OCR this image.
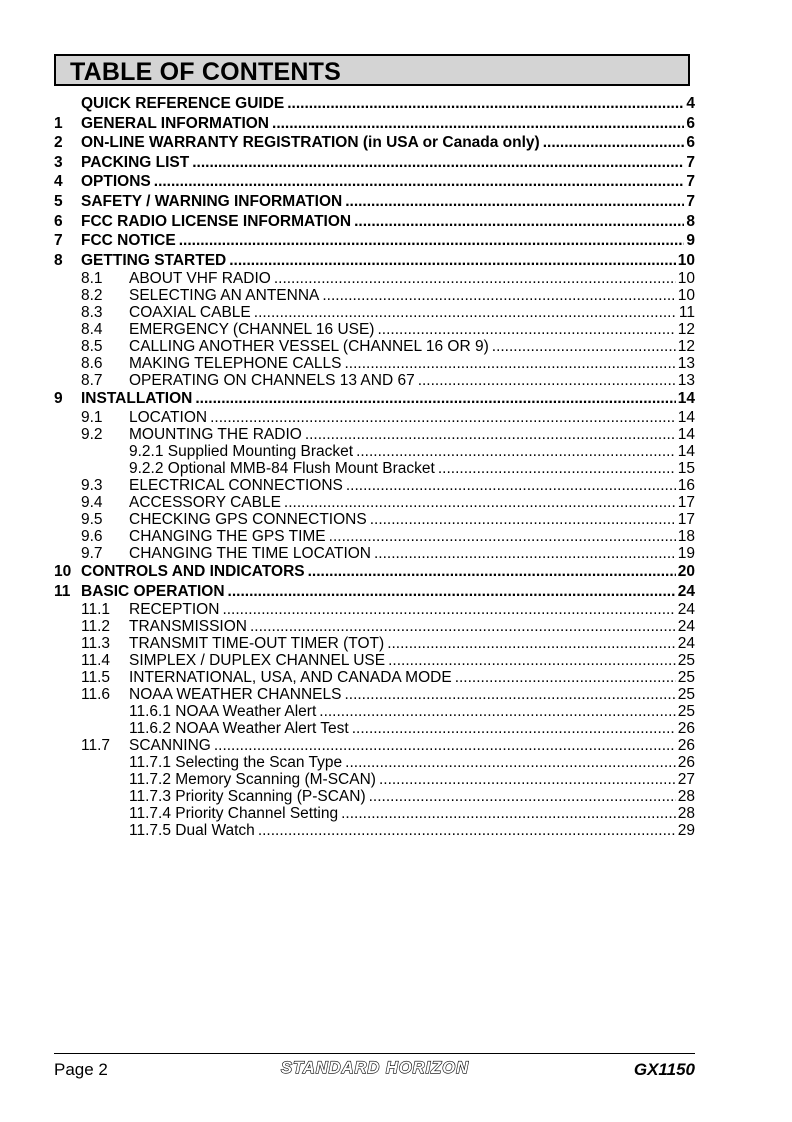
TABLE OF CONTENTS
QUICK REFERENCE GUIDE .....	4
1	GENERAL INFORMATION .....	6
2	ON-LINE WARRANTY REGISTRATION (in USA or Canada only) .....	6
3	PACKING LIST .....	7
4	OPTIONS .....	7
5	SAFETY / WARNING INFORMATION .....	7
6	FCC RADIO LICENSE INFORMATION .....	8
7	FCC NOTICE .....	9
8	GETTING STARTED .....	10
8.1	ABOUT VHF RADIO .....	10
8.2	SELECTING AN ANTENNA .....	10
8.3	COAXIAL CABLE .....	11
8.4	EMERGENCY (CHANNEL 16 USE) .....	12
8.5	CALLING ANOTHER VESSEL (CHANNEL 16 OR 9) .....	12
8.6	MAKING TELEPHONE CALLS .....	13
8.7	OPERATING ON CHANNELS 13 AND 67 .....	13
9	INSTALLATION .....	14
9.1	LOCATION .....	14
9.2	MOUNTING THE RADIO .....	14
9.2.1 Supplied Mounting Bracket .....	14
9.2.2 Optional MMB-84 Flush Mount Bracket .....	15
9.3	ELECTRICAL CONNECTIONS .....	16
9.4	ACCESSORY CABLE .....	17
9.5	CHECKING GPS CONNECTIONS .....	17
9.6	CHANGING THE GPS TIME .....	18
9.7	CHANGING THE TIME LOCATION .....	19
10 CONTROLS AND INDICATORS .....	20
11 BASIC OPERATION .....	24
11.1	RECEPTION .....	24
11.2	TRANSMISSION .....	24
11.3	TRANSMIT TIME-OUT TIMER (TOT) .....	24
11.4	SIMPLEX / DUPLEX CHANNEL USE .....	25
11.5	INTERNATIONAL, USA, AND CANADA MODE .....	25
11.6	NOAA WEATHER CHANNELS .....	25
11.6.1 NOAA Weather Alert .....	25
11.6.2 NOAA Weather Alert Test .....	26
11.7	SCANNING .....	26
11.7.1 Selecting the Scan Type .....	26
11.7.2 Memory Scanning (M-SCAN) .....	27
11.7.3 Priority Scanning (P-SCAN) .....	28
11.7.4 Priority Channel Setting .....	28
11.7.5 Dual Watch .....	29
Page 2	STANDARD HORIZON	GX1150
